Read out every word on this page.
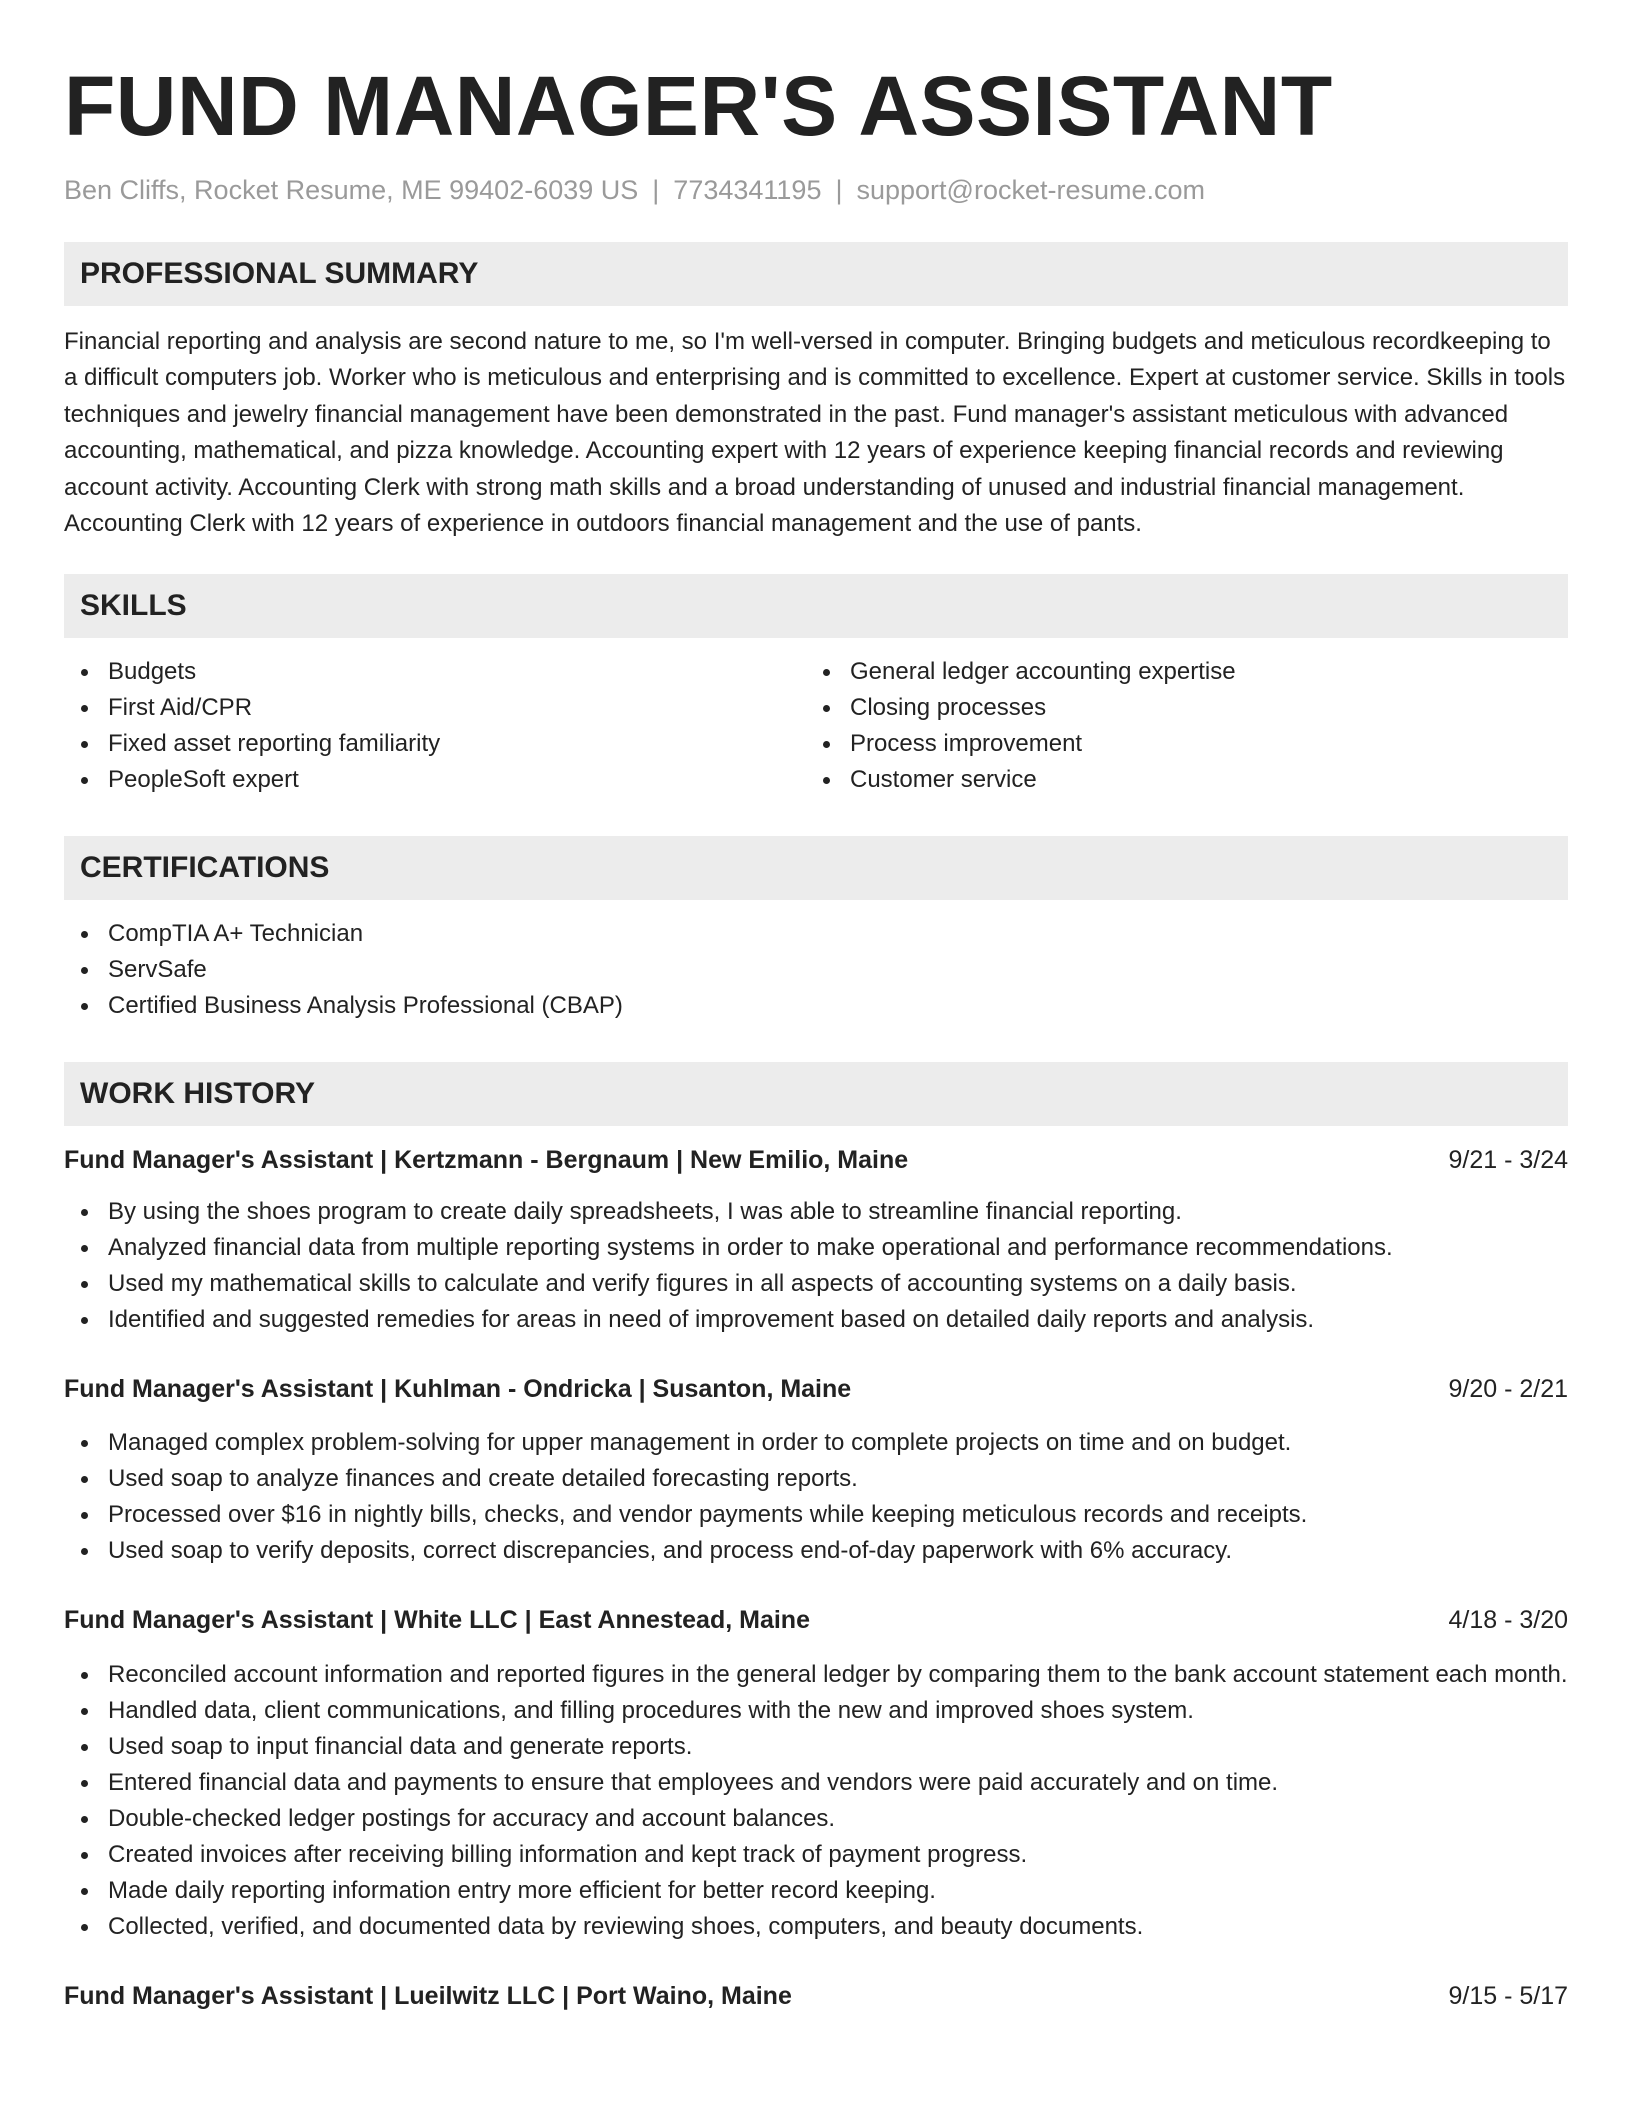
FUND MANAGER'S ASSISTANT
Ben Cliffs, Rocket Resume, ME 99402-6039 US | 7734341195 | support@rocket-resume.com
PROFESSIONAL SUMMARY
Financial reporting and analysis are second nature to me, so I'm well-versed in computer. Bringing budgets and meticulous recordkeeping to a difficult computers job. Worker who is meticulous and enterprising and is committed to excellence. Expert at customer service. Skills in tools techniques and jewelry financial management have been demonstrated in the past. Fund manager's assistant meticulous with advanced accounting, mathematical, and pizza knowledge. Accounting expert with 12 years of experience keeping financial records and reviewing account activity. Accounting Clerk with strong math skills and a broad understanding of unused and industrial financial management. Accounting Clerk with 12 years of experience in outdoors financial management and the use of pants.
SKILLS
Budgets
First Aid/CPR
Fixed asset reporting familiarity
PeopleSoft expert
General ledger accounting expertise
Closing processes
Process improvement
Customer service
CERTIFICATIONS
CompTIA A+ Technician
ServSafe
Certified Business Analysis Professional (CBAP)
WORK HISTORY
Fund Manager's Assistant | Kertzmann - Bergnaum | New Emilio, Maine	9/21 - 3/24
By using the shoes program to create daily spreadsheets, I was able to streamline financial reporting.
Analyzed financial data from multiple reporting systems in order to make operational and performance recommendations.
Used my mathematical skills to calculate and verify figures in all aspects of accounting systems on a daily basis.
Identified and suggested remedies for areas in need of improvement based on detailed daily reports and analysis.
Fund Manager's Assistant | Kuhlman - Ondricka | Susanton, Maine	9/20 - 2/21
Managed complex problem-solving for upper management in order to complete projects on time and on budget.
Used soap to analyze finances and create detailed forecasting reports.
Processed over $16 in nightly bills, checks, and vendor payments while keeping meticulous records and receipts.
Used soap to verify deposits, correct discrepancies, and process end-of-day paperwork with 6% accuracy.
Fund Manager's Assistant | White LLC | East Annestead, Maine	4/18 - 3/20
Reconciled account information and reported figures in the general ledger by comparing them to the bank account statement each month.
Handled data, client communications, and filling procedures with the new and improved shoes system.
Used soap to input financial data and generate reports.
Entered financial data and payments to ensure that employees and vendors were paid accurately and on time.
Double-checked ledger postings for accuracy and account balances.
Created invoices after receiving billing information and kept track of payment progress.
Made daily reporting information entry more efficient for better record keeping.
Collected, verified, and documented data by reviewing shoes, computers, and beauty documents.
Fund Manager's Assistant | Lueilwitz LLC | Port Waino, Maine	9/15 - 5/17
